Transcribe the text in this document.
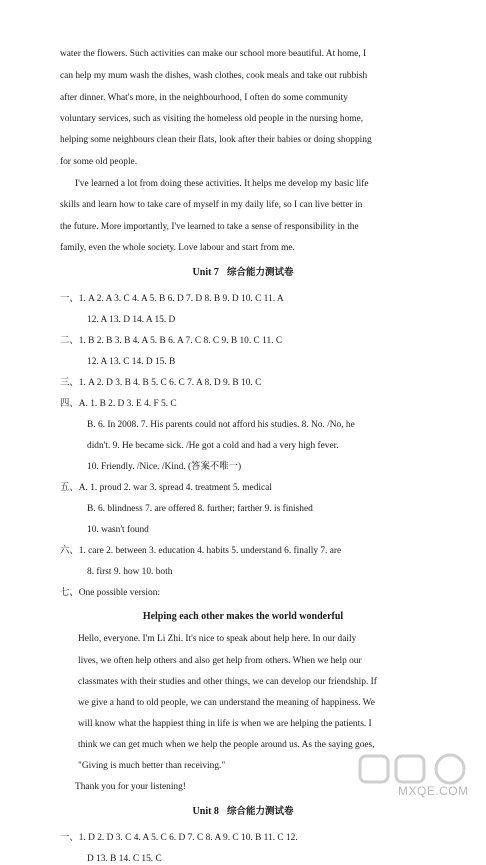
water the flowers. Such activities can make our school more beautiful. At home, I
can help my mum wash the dishes, wash clothes, cook meals and take out rubbish
after dinner. What's more, in the neighbourhood, I often do some community
voluntary services, such as visiting the homeless old people in the nursing home,
helping some neighbours clean their flats, look after their babies or doing shopping
for some old people.
I've learned a lot from doing these activities. It helps me develop my basic life
skills and learn how to take care of myself in my daily life, so I can live better in
the future. More importantly, I've learned to take a sense of responsibility in the
family, even the whole society. Love labour and start from me.
Unit 7 综合能力测试卷
一、1. A 2. A 3. C 4. A 5. B 6. D 7. D 8. B 9. D 10. C 11. A
12. A 13. D 14. A 15. D
二、1. B 2. B 3. B 4. A 5. B 6. A 7. C 8. C 9. B 10. C 11. C
12. A 13. C 14. D 15. B
三、1. A 2. D 3. B 4. B 5. C 6. C 7. A 8. D 9. B 10. C
四、A. 1. B 2. D 3. E 4. F 5. C
B. 6. In 2008. 7. His parents could not afford his studies. 8. No. /No, he
didn't. 9. He became sick. /He got a cold and had a very high fever.
10. Friendly. /Nice. /Kind. (答案不唯一)
五、A. 1. proud 2. war 3. spread 4. treatment 5. medical
B. 6. blindness 7. are offered 8. further; farther 9. is finished
10. wasn't found
六、1. care 2. between 3. education 4. habits 5. understand 6. finally 7. are
8. first 9. how 10. both
七、One possible version:
Helping each other makes the world wonderful
Hello, everyone. I'm Li Zhi. It's nice to speak about help here. In our daily
lives, we often help others and also get help from others. When we help our
classmates with their studies and other things, we can develop our friendship. If
we give a hand to old people, we can understand the meaning of happiness. We
will know what the happiest thing in life is when we are helping the patients. I
think we can get much when we help the people around us. As the saying goes,
"Giving is much better than receiving."
Thank you for your listening!
Unit 8 综合能力测试卷
一、1. D 2. D 3. C 4. A 5. C 6. D 7. C 8. A 9. C 10. B 11. C 12.
D 13. B 14. C 15. C
MXQE.COM
